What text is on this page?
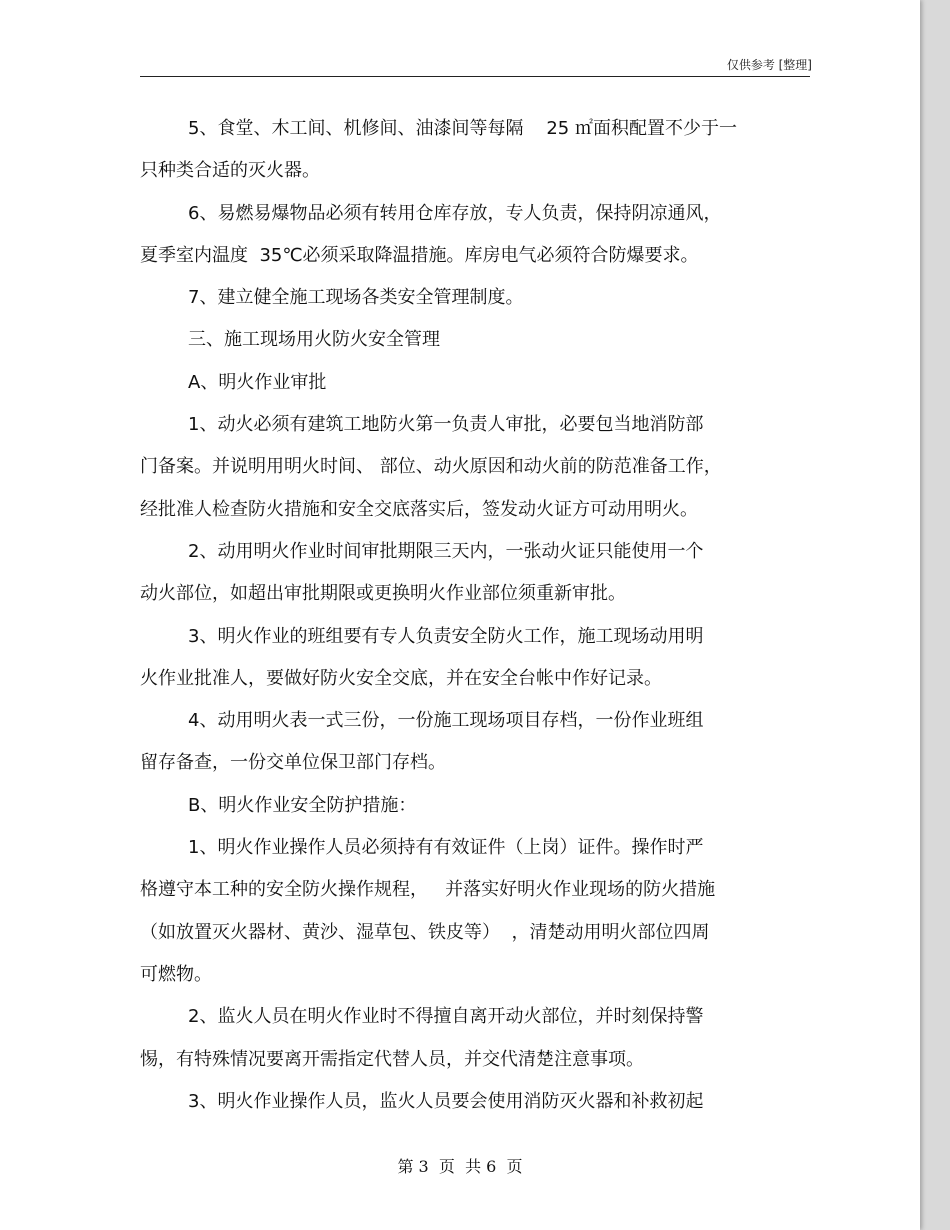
仅供参考 [整理]
5、食堂、木工间、机修间、油漆间等每隔    25 ㎡面积配置不少于一
只种类合适的灭火器。
6、易燃易爆物品必须有转用仓库存放，专人负责，保持阴凉通风，
夏季室内温度  35℃必须采取降温措施。库房电气必须符合防爆要求。
7、建立健全施工现场各类安全管理制度。
三、施工现场用火防火安全管理
A、明火作业审批
1、动火必须有建筑工地防火第一负责人审批，必要包当地消防部
门备案。并说明用明火时间、 部位、动火原因和动火前的防范准备工作，
经批准人检查防火措施和安全交底落实后，签发动火证方可动用明火。
2、动用明火作业时间审批期限三天内，一张动火证只能使用一个
动火部位，如超出审批期限或更换明火作业部位须重新审批。
3、明火作业的班组要有专人负责安全防火工作，施工现场动用明
火作业批准人，要做好防火安全交底，并在安全台帐中作好记录。
4、动用明火表一式三份，一份施工现场项目存档，一份作业班组
留存备查，一份交单位保卫部门存档。
B、明火作业安全防护措施：
1、明火作业操作人员必须持有有效证件（上岗）证件。操作时严
格遵守本工种的安全防火操作规程，   并落实好明火作业现场的防火措施
（如放置灭火器材、黄沙、湿草包、铁皮等）  ，清楚动用明火部位四周
可燃物。
2、监火人员在明火作业时不得擅自离开动火部位，并时刻保持警
惕，有特殊情况要离开需指定代替人员，并交代清楚注意事项。
3、明火作业操作人员，监火人员要会使用消防灭火器和补救初起
第 3  页  共 6  页
